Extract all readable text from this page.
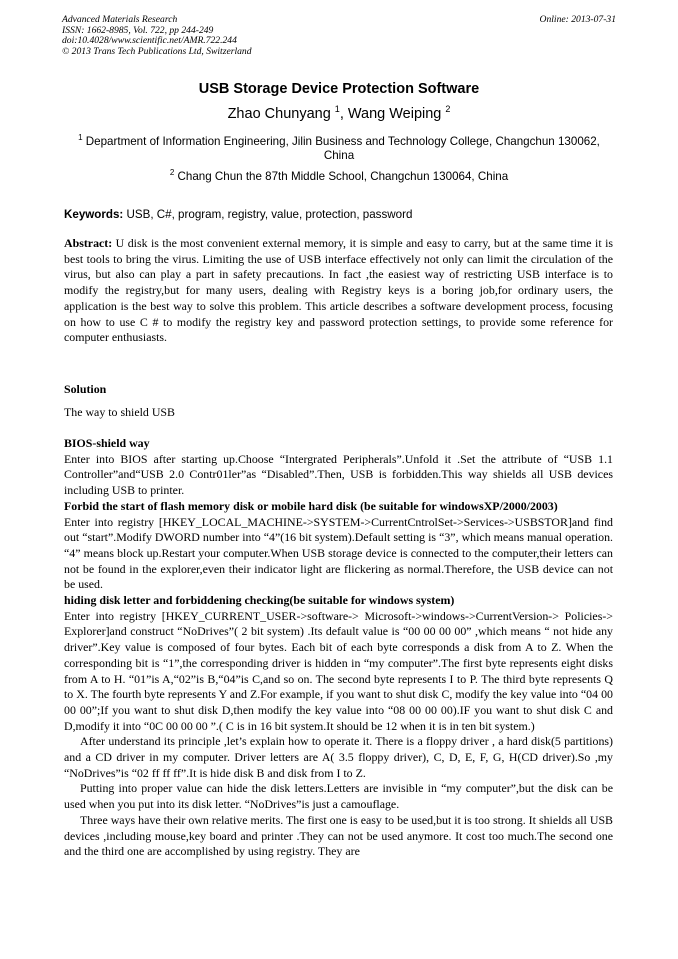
Advanced Materials Research
ISSN: 1662-8985, Vol. 722, pp 244-249
doi:10.4028/www.scientific.net/AMR.722.244
© 2013 Trans Tech Publications Ltd, Switzerland
Online: 2013-07-31
USB Storage Device Protection Software
Zhao Chunyang $^1$, Wang Weiping $^2$
$^1$ Department of Information Engineering, Jilin Business and Technology College, Changchun 130062, China
$^2$ Chang Chun the 87th Middle School, Changchun 130064, China
Keywords: USB, C#, program, registry, value, protection, password
Abstract: U disk is the most convenient external memory, it is simple and easy to carry, but at the same time it is best tools to bring the virus. Limiting the use of USB interface effectively not only can limit the circulation of the virus, but also can play a part in safety precautions. In fact ,the easiest way of restricting USB interface is to modify the registry,but for many users, dealing with Registry keys is a boring job,for ordinary users, the application is the best way to solve this problem. This article describes a software development process, focusing on how to use C # to modify the registry key and password protection settings, to provide some reference for computer enthusiasts.
Solution
The way to shield USB

BIOS-shield way

Enter into BIOS after starting up.Choose “Intergrated Peripherals”.Unfold it .Set the attribute of “USB 1.1 Controller”and“USB 2.0 Contr01ler”as “Disabled”.Then, USB is forbidden.This way shields all USB devices including USB to printer.

Forbid the start of flash memory disk or mobile hard disk (be suitable for windowsXP/2000/2003)

Enter into registry [HKEY_LOCAL_MACHINE->SYSTEM->CurrentCntrolSet->Services->USBSTOR]and find out “start”.Modify DWORD number into “4”(16 bit system).Default setting is “3”, which means manual operation. “4” means block up.Restart your computer.When USB storage device is connected to the computer,their letters can not be found in the explorer,even their indicator light are flickering as normal.Therefore, the USB device can not be used.

hiding disk letter and forbiddening checking(be suitable for windows system)

Enter into registry [HKEY_CURRENT_USER->software-> Microsoft->windows->CurrentVersion-> Policies-> Explorer]and construct “NoDrives”( 2 bit system) .Its default value is “00 00 00 00” ,which means “ not hide any driver”.Key value is composed of four bytes. Each bit of each byte corresponds a disk from A to Z. When the corresponding bit is “1”,the corresponding driver is hidden in “my computer”.The first byte represents eight disks from A to H. “01”is A,“02”is B,“04”is C,and so on. The second byte represents I to P. The third byte represents Q to X. The fourth byte represents Y and Z.For example, if you want to shut disk C, modify the key value into “04 00 00 00”;If you want to shut disk D,then modify the key value into “08 00 00 00).IF you want to shut disk C and D,modify it into “0C 00 00 00 ”.( C is in 16 bit system.It should be 12 when it is in ten bit system.)

After understand its principle ,let’s explain how to operate it. There is a floppy driver , a hard disk(5 partitions) and a CD driver in my computer. Driver letters are A( 3.5 floppy driver), C, D, E, F, G, H(CD driver).So ,my “NoDrives”is “02 ff ff ff”.It is hide disk B and disk from I to Z.

Putting into proper value can hide the disk letters.Letters are invisible in “my computer”,but the disk can be used when you put into its disk letter. “NoDrives”is just a camouflage.

Three ways have their own relative merits. The first one is easy to be used,but it is too strong. It shields all USB devices ,including mouse,key board and printer .They can not be used anymore. It cost too much.The second one and the third one are accomplished by using registry. They are
